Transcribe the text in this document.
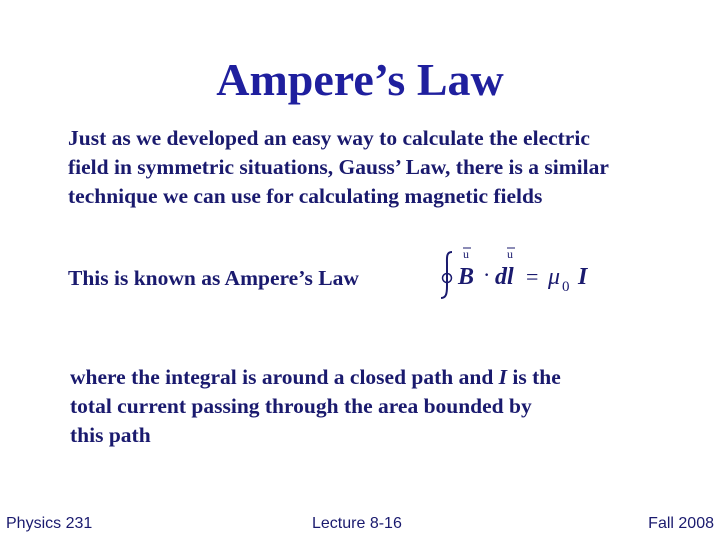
Ampere’s Law
Just as we developed an easy way to calculate the electric
field in symmetric situations, Gauss’ Law, there is a similar
technique we can use for calculating magnetic fields
This is known as Ampere’s Law
u	u
B · dl = μ 0 I
where the integral is around a closed path and I is the
total current passing through the area bounded by
this path
Physics 231	Lecture 8-16	Fall 2008
